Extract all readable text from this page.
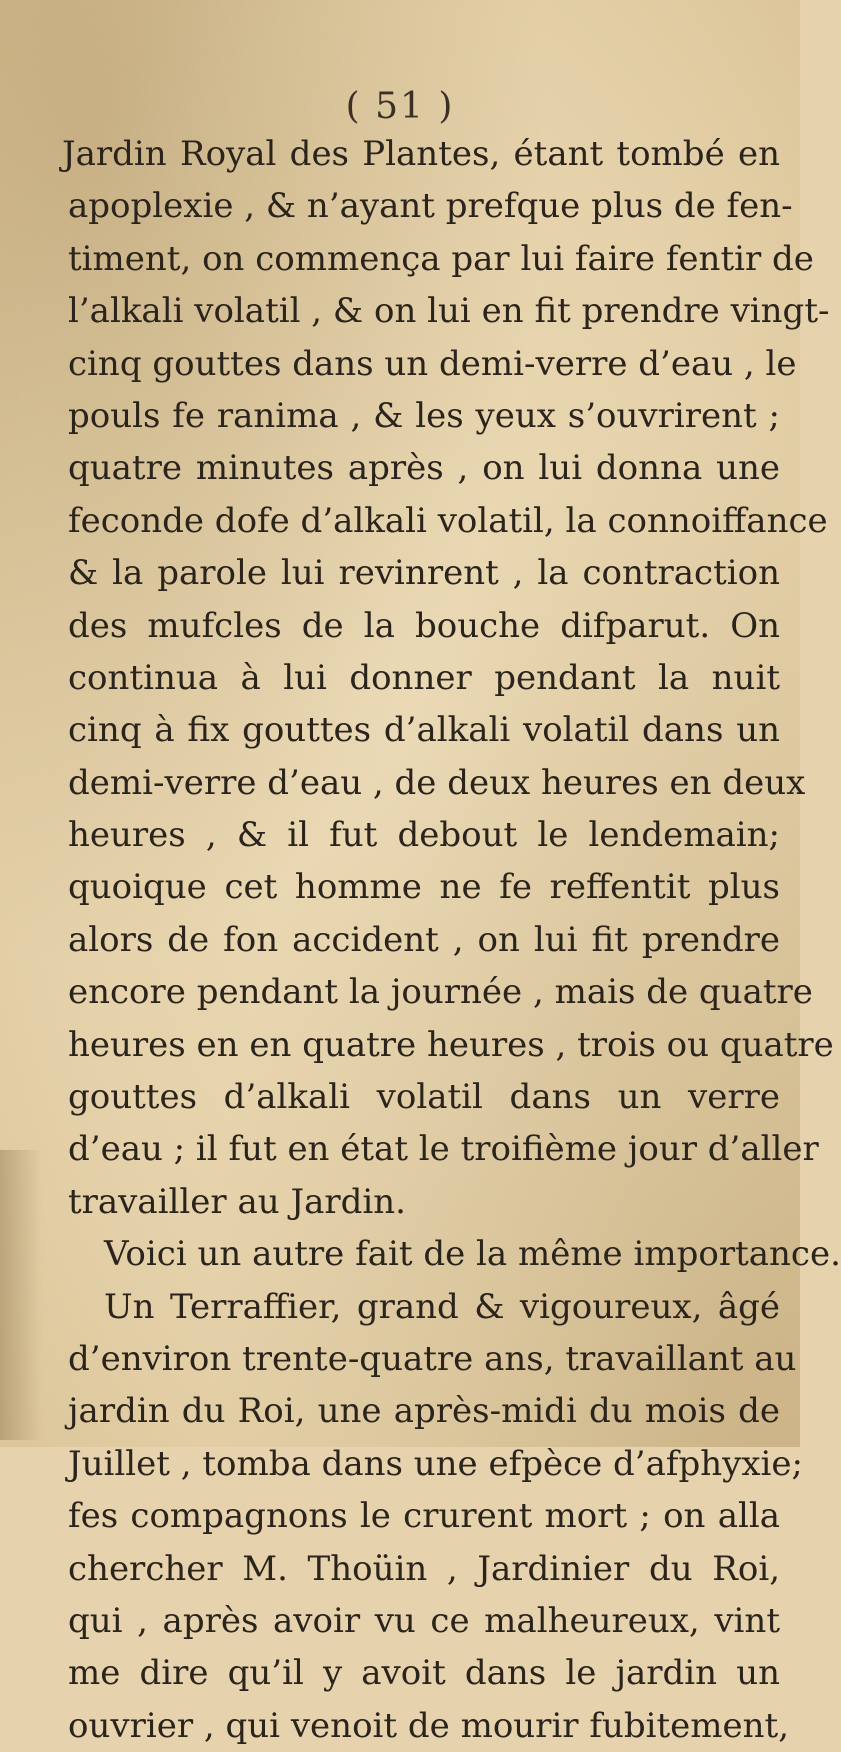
( 51 )
Jardin Royal des Plantes, étant tombé en
apoplexie , & n’ayant prefque plus de fen-
timent, on commença par lui faire fentir de
l’alkali volatil , & on lui en fit prendre vingt-
cinq gouttes dans un demi-verre d’eau , le
pouls fe ranima , & les yeux s’ouvrirent ;
quatre minutes après , on lui donna une
feconde dofe d’alkali volatil, la connoiffance
& la parole lui revinrent , la contraction
des mufcles de la bouche difparut. On
continua à lui donner pendant la nuit
cinq à fix gouttes d’alkali volatil dans un
demi-verre d’eau , de deux heures en deux
heures , & il fut debout le lendemain;
quoique cet homme ne fe reffentit plus
alors de fon accident , on lui fit prendre
encore pendant la journée , mais de quatre
heures en en quatre heures , trois ou quatre
gouttes d’alkali volatil dans un verre
d’eau ; il fut en état le troifième jour d’aller
travailler au Jardin.
Voici un autre fait de la même importance.
Un Terraffier, grand & vigoureux, âgé
d’environ trente-quatre ans, travaillant au
jardin du Roi, une après-midi du mois de
Juillet , tomba dans une efpèce d’afphyxie;
fes compagnons le crurent mort ; on alla
chercher M. Thoüin , Jardinier du Roi,
qui , après avoir vu ce malheureux, vint
me dire qu’il y avoit dans le jardin un
ouvrier , qui venoit de mourir fubitement,
